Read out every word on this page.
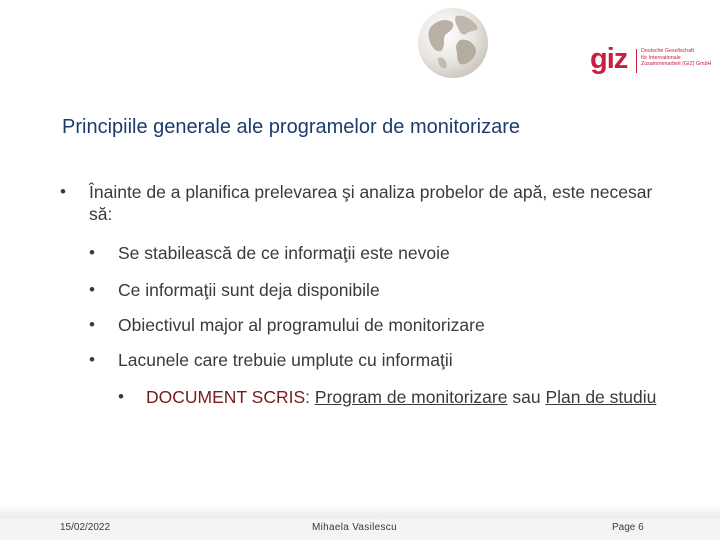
giz	Deutsche Gesellschaft
für Internationale
Zusammenarbeit (GIZ) GmbH
Principiile generale ale programelor de monitorizare
• Înainte de a planifica prelevarea şi analiza probelor de apă, este necesar să:
• Se stabilească de ce informaţii este nevoie
• Ce informaţii sunt deja disponibile
• Obiectivul major al programului de monitorizare
• Lacunele care trebuie umplute cu informaţii
• DOCUMENT SCRIS: Program de monitorizare sau Plan de studiu
15/02/2022	Mihaela Vasilescu	Page 6
